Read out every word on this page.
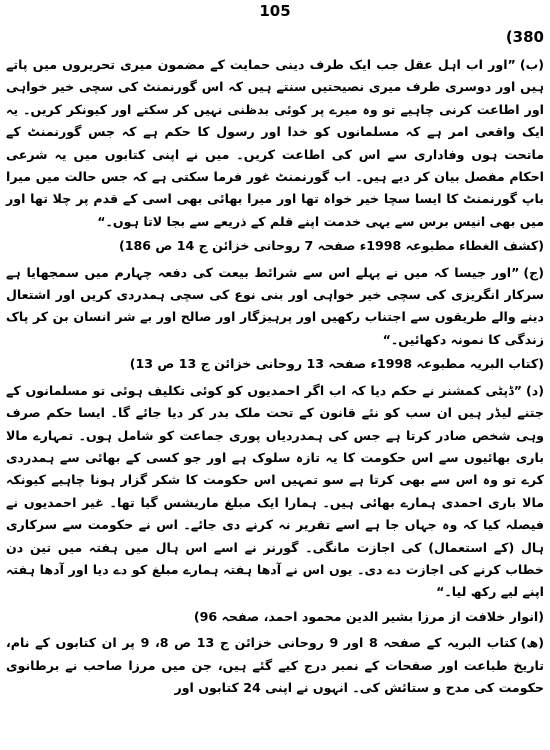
105
(380

(ب)”اور اب اہل عقل جب ایک طرف دینی حمایت کے مضمون میری تحریروں میں پاتے ہیں اور دوسری طرف میری نصیحتیں سنتے ہیں کہ اس گورنمنٹ کی سچی خیر خواہی اور اطاعت کرنی چاہیے تو وہ میرے پر کوئی بدظنی نہیں کر سکتے اور کیونکر کریں۔ یہ ایک واقعی امر ہے کہ مسلمانوں کو خدا اور رسول کا حکم ہے کہ جس گورنمنٹ کے ماتحت ہوں وفاداری سے اس کی اطاعت کریں۔ میں نے اپنی کتابوں میں یہ شرعی احکام مفصل بیان کر دیے ہیں۔ اب گورنمنٹ غور فرما سکتی ہے کہ جس حالت میں میرا باپ گورنمنٹ کا ایسا سچا خیر خواہ تھا اور میرا بھائی بھی اسی کے قدم پر چلا تھا اور میں بھی انیس برس سے یہی خدمت اپنے قلم کے ذریعے سے بجا لاتا ہوں۔“

(کشف الغطاء مطبوعہ 1998ء صفحہ 7 روحانی خزائن ج 14 ص 186)

(ج)”اور جیسا کہ میں نے پہلے اس سے شرائط بیعت کی دفعہ چہارم میں سمجھایا ہے سرکار انگریزی کی سچی خیر خواہی اور بنی نوع کی سچی ہمدردی کریں اور اشتعال دینے والے طریقوں سے اجتناب رکھیں اور پرہیزگار اور صالح اور بے شر انسان بن کر پاک زندگی کا نمونہ دکھائیں۔“

(کتاب البریہ مطبوعہ 1998ء صفحہ 13 روحانی خزائن ج 13 ص 13)

(د)”ڈپٹی کمشنر نے حکم دیا کہ اب اگر احمدیوں کو کوئی تکلیف ہوئی تو مسلمانوں کے جتنے لیڈر ہیں ان سب کو نئے قانون کے تحت ملک بدر کر دیا جائے گا۔ ایسا حکم صرف وہی شخص صادر کرتا ہے جس کی ہمدردیاں پوری جماعت کو شامل ہوں۔ تمہارے مالا باری بھائیوں سے اس حکومت کا یہ تازہ سلوک ہے اور جو کسی کے بھائی سے ہمدردی کرے تو وہ اس سے بھی کرتا ہے سو تمہیں اس حکومت کا شکر گزار ہونا چاہیے کیونکہ مالا باری احمدی ہمارے بھائی ہیں۔ ہمارا ایک مبلغ ماریشس گیا تھا۔ غیر احمدیوں نے فیصلہ کیا کہ وہ جہاں جا ہے اسے تقریر نہ کرنے دی جائے۔ اس نے حکومت سے سرکاری ہال (کے استعمال) کی اجازت مانگی۔ گورنر نے اسے اس ہال میں ہفتہ میں تین دن خطاب کرنے کی اجازت دے دی۔ یوں اس نے آدھا ہفتہ ہمارے مبلغ کو دے دیا اور آدھا ہفتہ اپنے لیے رکھ لیا۔“

(انوار خلافت از مرزا بشیر الدین محمود احمد، صفحہ 96)

(ھ)کتاب البریہ کے صفحہ 8 اور 9 روحانی خزائن ج 13 ص 8، 9 پر ان کتابوں کے نام، تاریخ طباعت اور صفحات کے نمبر درج کیے گئے ہیں، جن میں مرزا صاحب نے برطانوی حکومت کی مدح و ستائش کی۔ انہوں نے اپنی 24 کتابوں اور
